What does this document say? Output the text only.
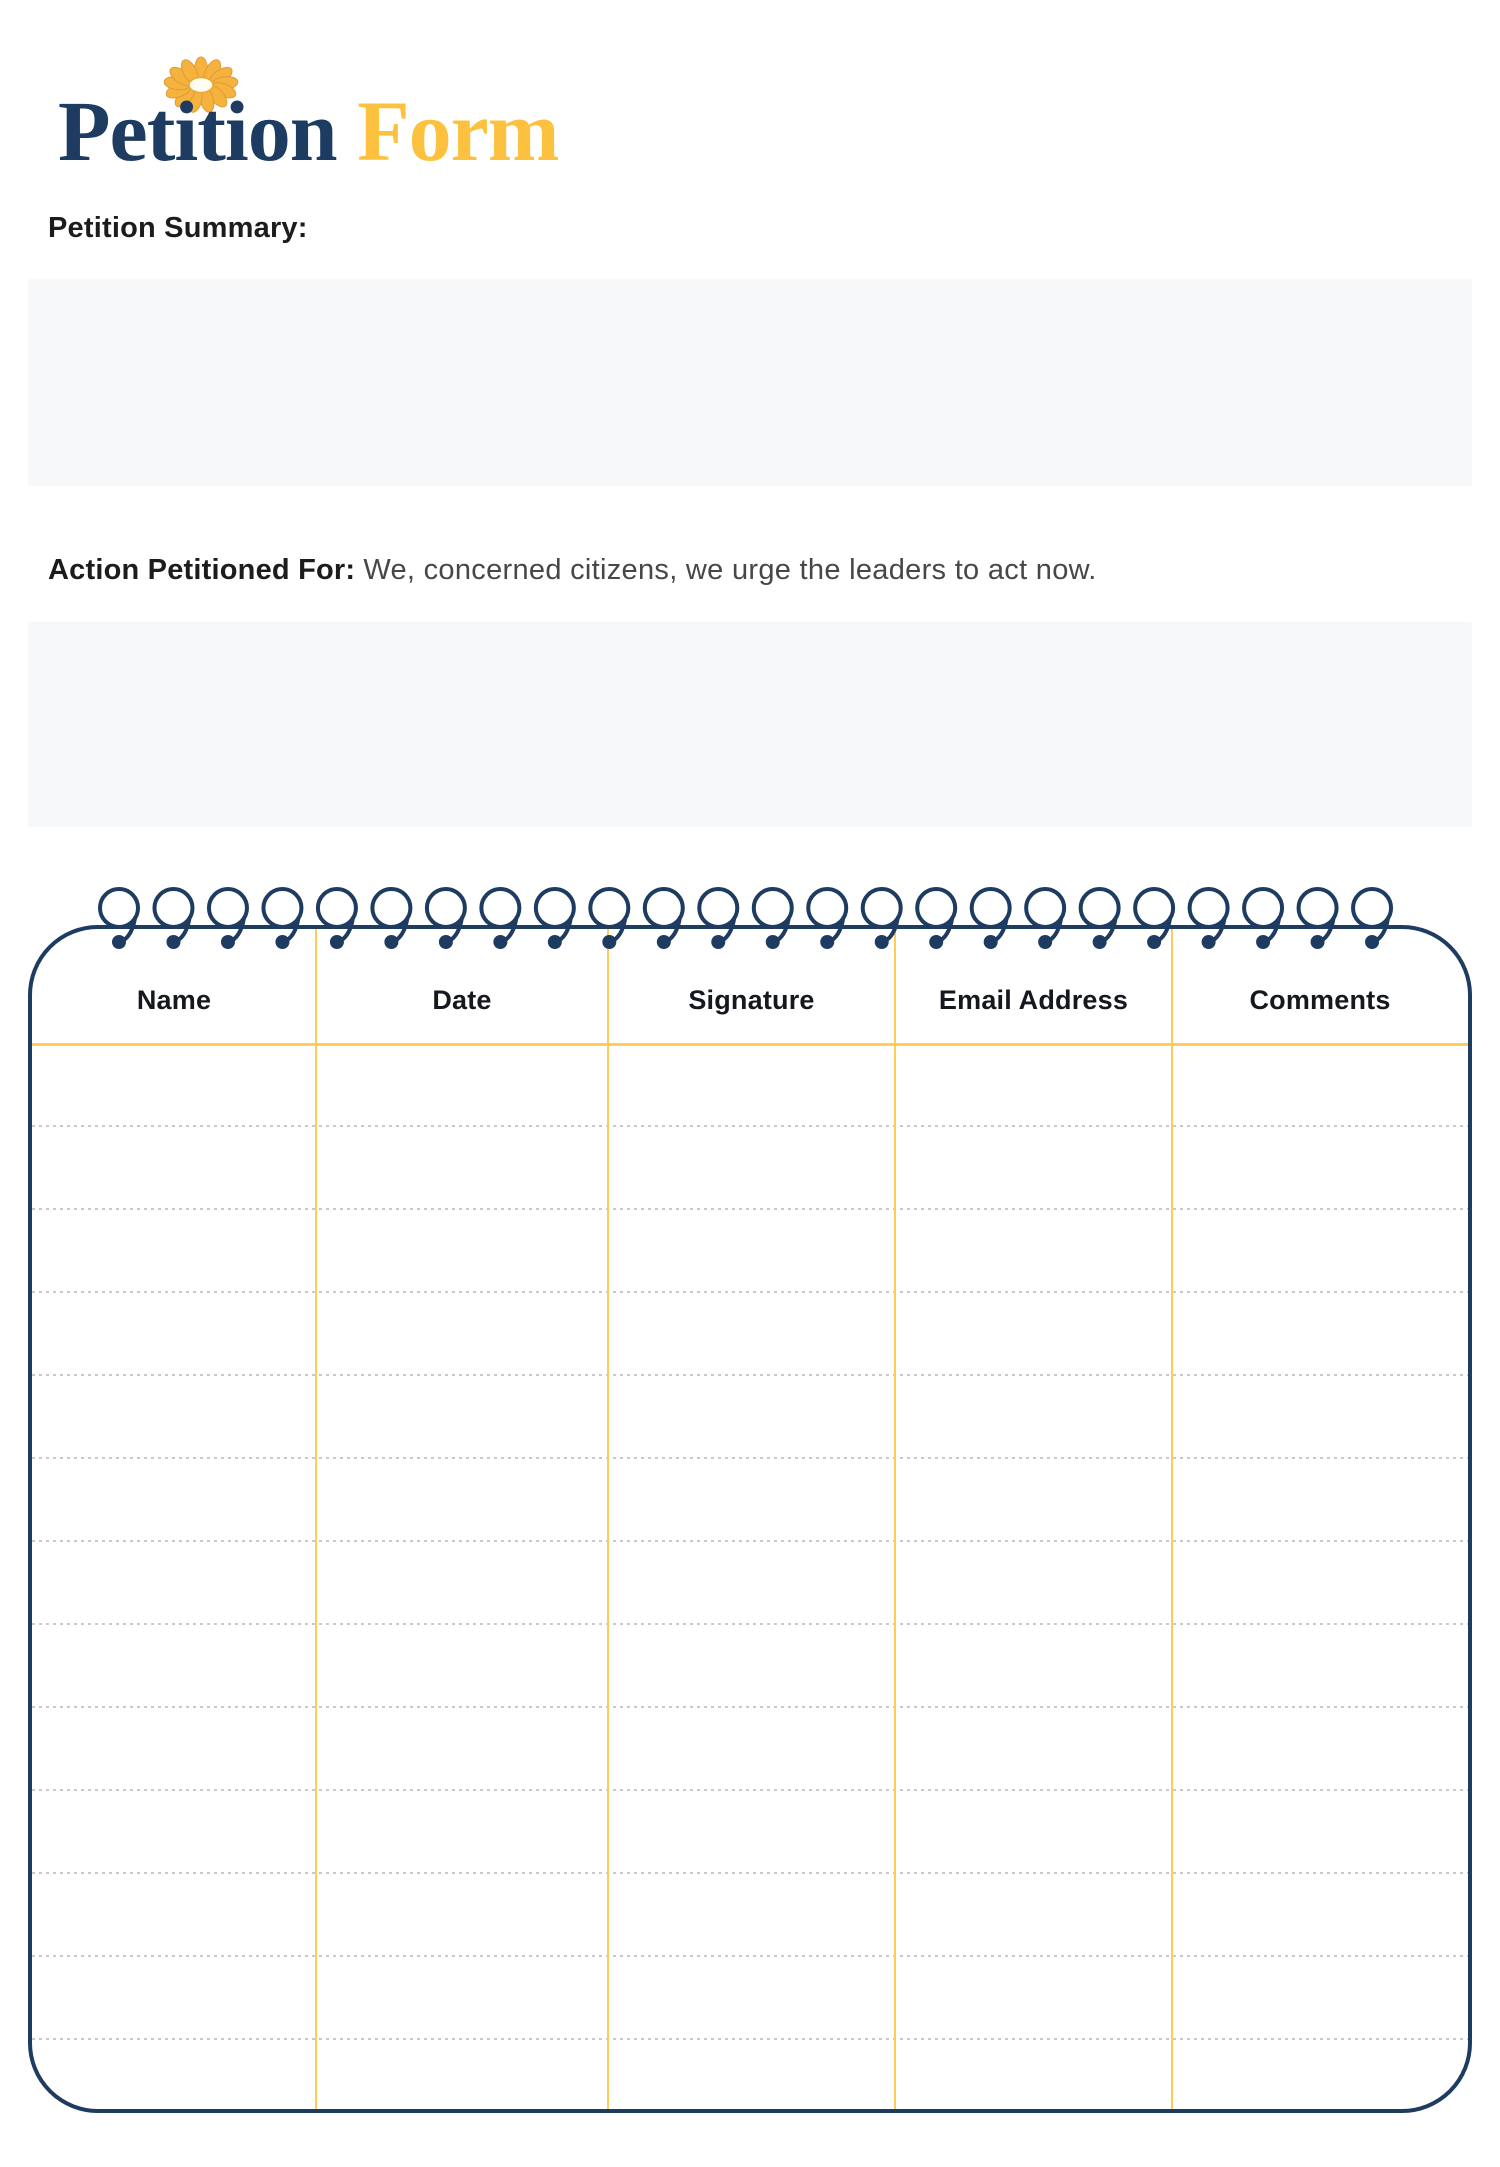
Petition Form
Petition Summary:
Action Petitioned For: We, concerned citizens, we urge the leaders to act now.
Name	Date	Signature	Email Address	Comments
